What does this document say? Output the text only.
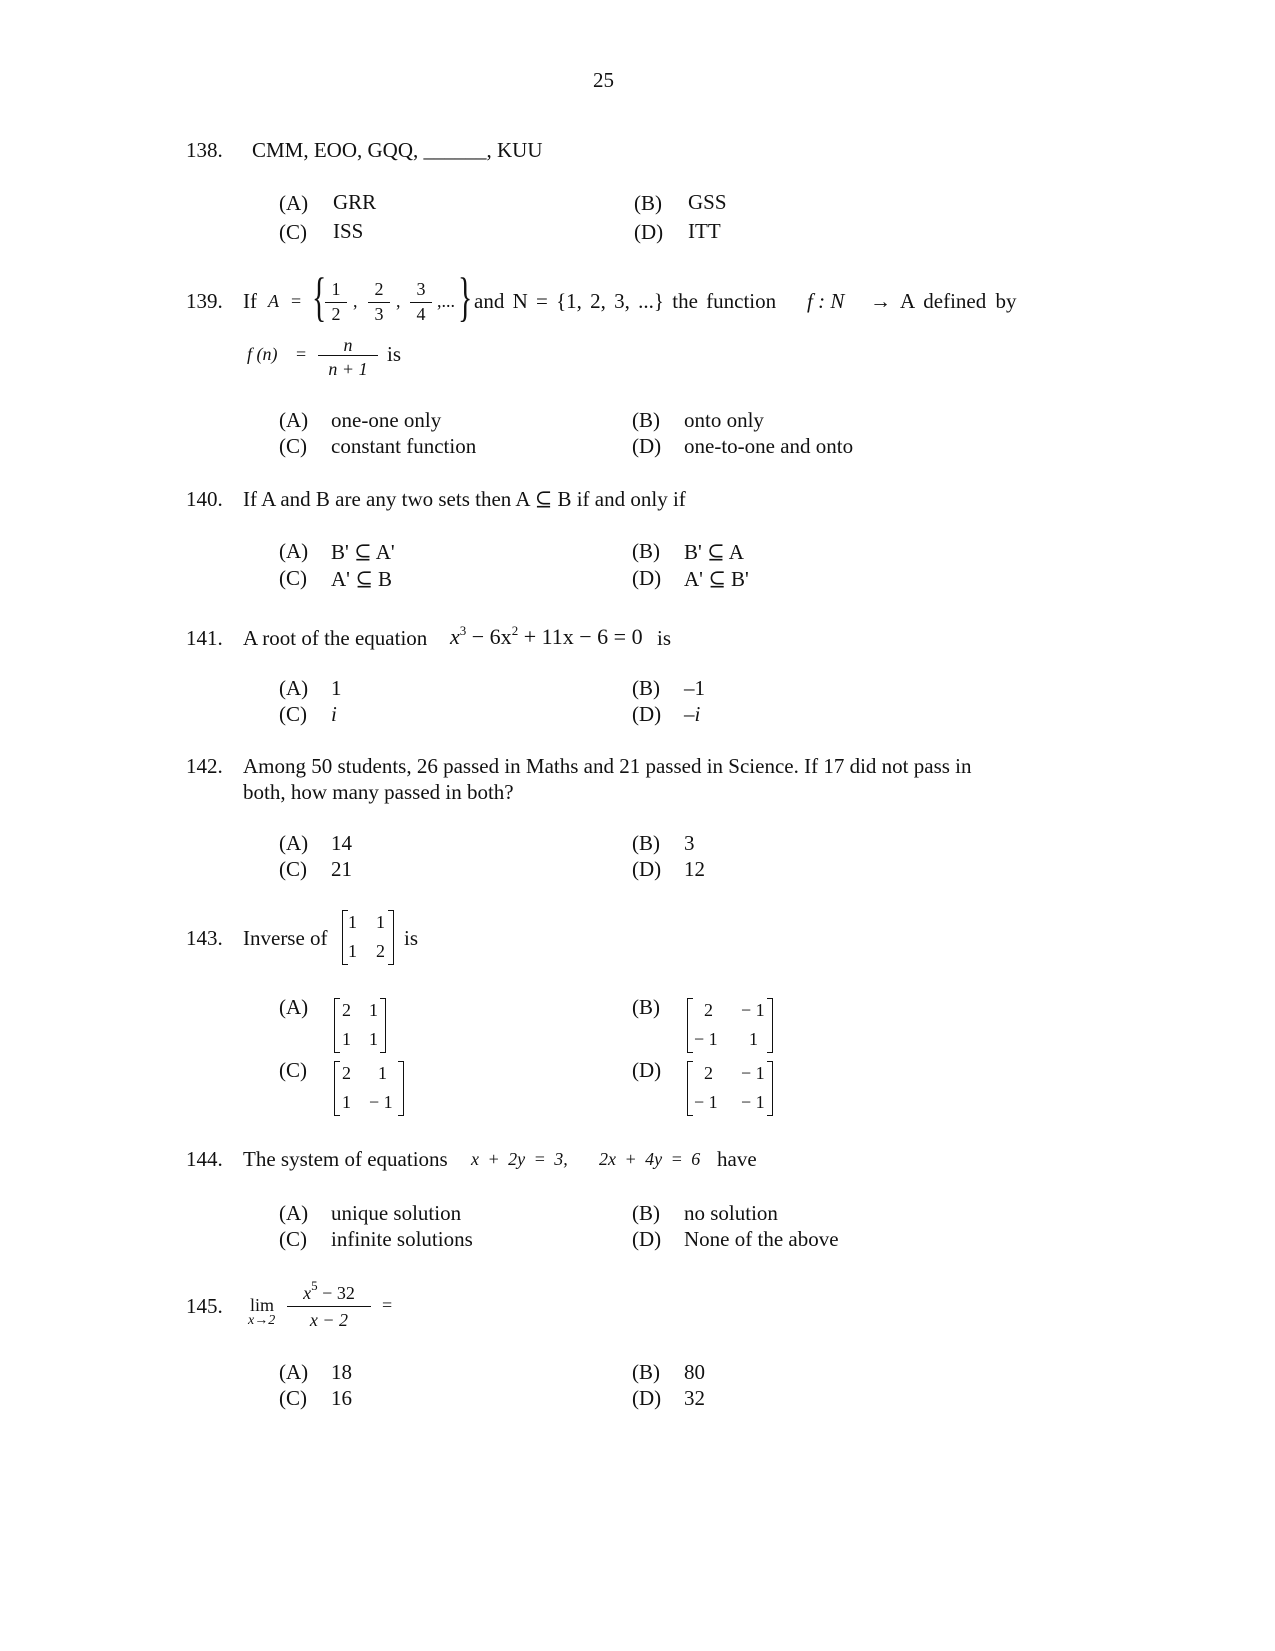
25
138. CMM, EOO, GQQ, ______, KUU
(A) GRR	(B) GSS
(C) ISS	(D) ITT
139. If A = { 1
2
,
2
3
,
3
4
,... } and N = {1, 2, 3, ...} the function f : N → A defined by
f (n) =	n
n + 1
is
(A) one-one only	(B) onto only
(C) constant function	(D) one-to-one and onto
140. If A and B are any two sets then A ⊆ B if and only if
(A) B' ⊆ A'	(B) B' ⊆ A
(C) A' ⊆ B	(D) A' ⊆ B'
141. A root of the equation $x^3 - 6x^2 + 11x - 6 = 0$ is
(A) 1	(B) –1
(C) i	(D) –i
142. Among 50 students, 26 passed in Maths and 21 passed in Science. If 17 did not pass in
both, how many passed in both?
(A) 14	(B) 3
(C) 21	(D) 12
143. Inverse of
1 1
1 2
is
(A) 2 1
1 1
(B) 2 − 1
− 1 1
(C) 2 1
1 − 1
(D) 2 − 1
− 1 − 1
144. The system of equations x + 2y = 3, 2x + 4y = 6 have
(A) unique solution	(B) no solution
(C) infinite solutions	(D) None of the above
145. lim
x→2
$x^5 - 32$
x − 2
=
(A) 18	(B) 80
(C) 16	(D) 32
